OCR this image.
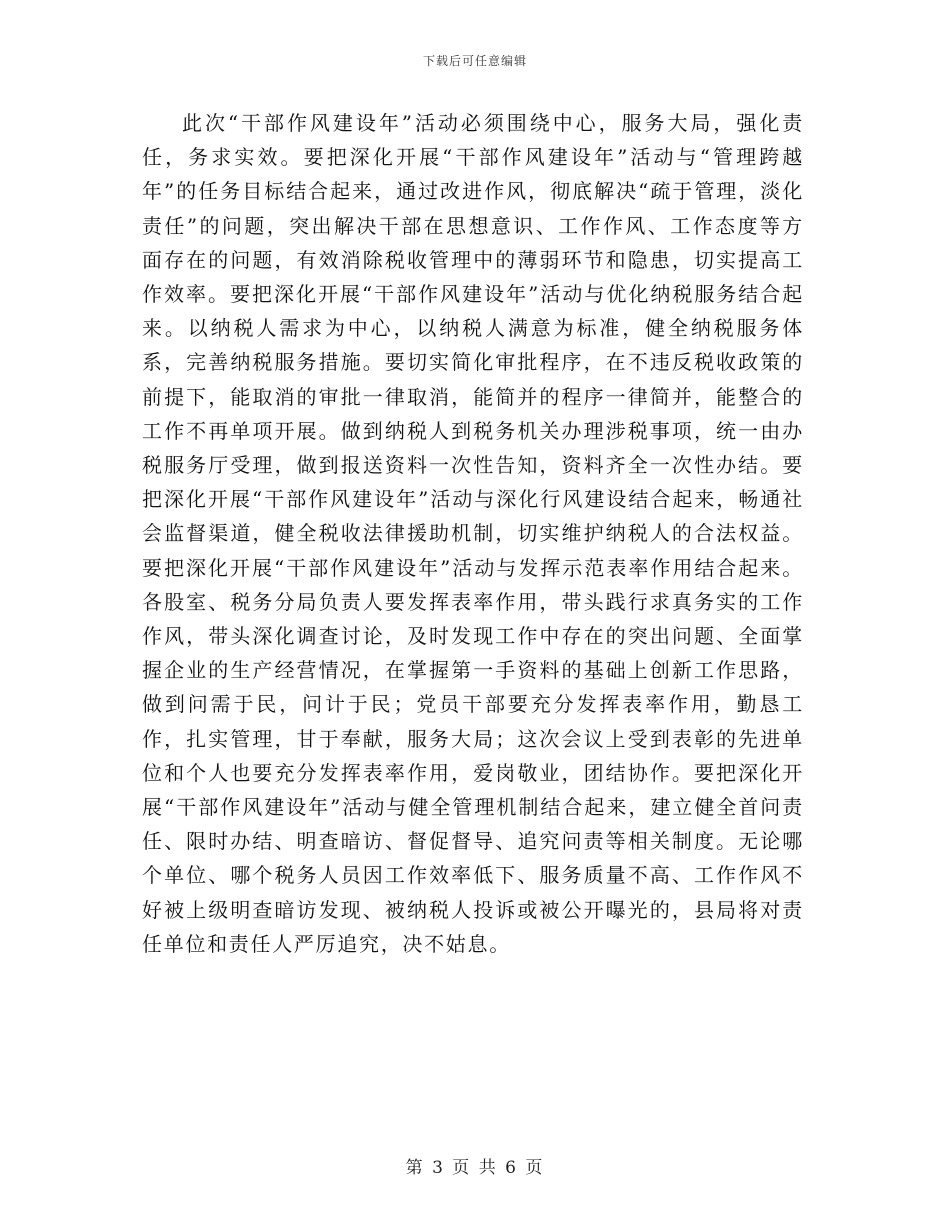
下载后可任意编辑

此次“干部作风建设年”活动必须围绕中心，服务大局，强化责任，务求实效。要把深化开展“干部作风建设年”活动与“管理跨越年”的任务目标结合起来，通过改进作风，彻底解决“疏于管理，淡化责任”的问题，突出解决干部在思想意识、工作作风、工作态度等方面存在的问题，有效消除税收管理中的薄弱环节和隐患，切实提高工作效率。要把深化开展“干部作风建设年”活动与优化纳税服务结合起来。以纳税人需求为中心，以纳税人满意为标准，健全纳税服务体系，完善纳税服务措施。要切实简化审批程序，在不违反税收政策的前提下，能取消的审批一律取消，能简并的程序一律简并，能整合的工作不再单项开展。做到纳税人到税务机关办理涉税事项，统一由办税服务厅受理，做到报送资料一次性告知，资料齐全一次性办结。要把深化开展“干部作风建设年”活动与深化行风建设结合起来，畅通社会监督渠道，健全税收法律援助机制，切实维护纳税人的合法权益。要把深化开展“干部作风建设年”活动与发挥示范表率作用结合起来。各股室、税务分局负责人要发挥表率作用，带头践行求真务实的工作作风，带头深化调查讨论，及时发现工作中存在的突出问题、全面掌握企业的生产经营情况，在掌握第一手资料的基础上创新工作思路，做到问需于民，问计于民；党员干部要充分发挥表率作用，勤恳工作，扎实管理，甘于奉献，服务大局；这次会议上受到表彰的先进单位和个人也要充分发挥表率作用，爱岗敬业，团结协作。要把深化开展“干部作风建设年”活动与健全管理机制结合起来，建立健全首问责任、限时办结、明查暗访、督促督导、追究问责等相关制度。无论哪个单位、哪个税务人员因工作效率低下、服务质量不高、工作作风不好被上级明查暗访发现、被纳税人投诉或被公开曝光的，县局将对责任单位和责任人严厉追究，决不姑息。

第 3 页 共 6 页
